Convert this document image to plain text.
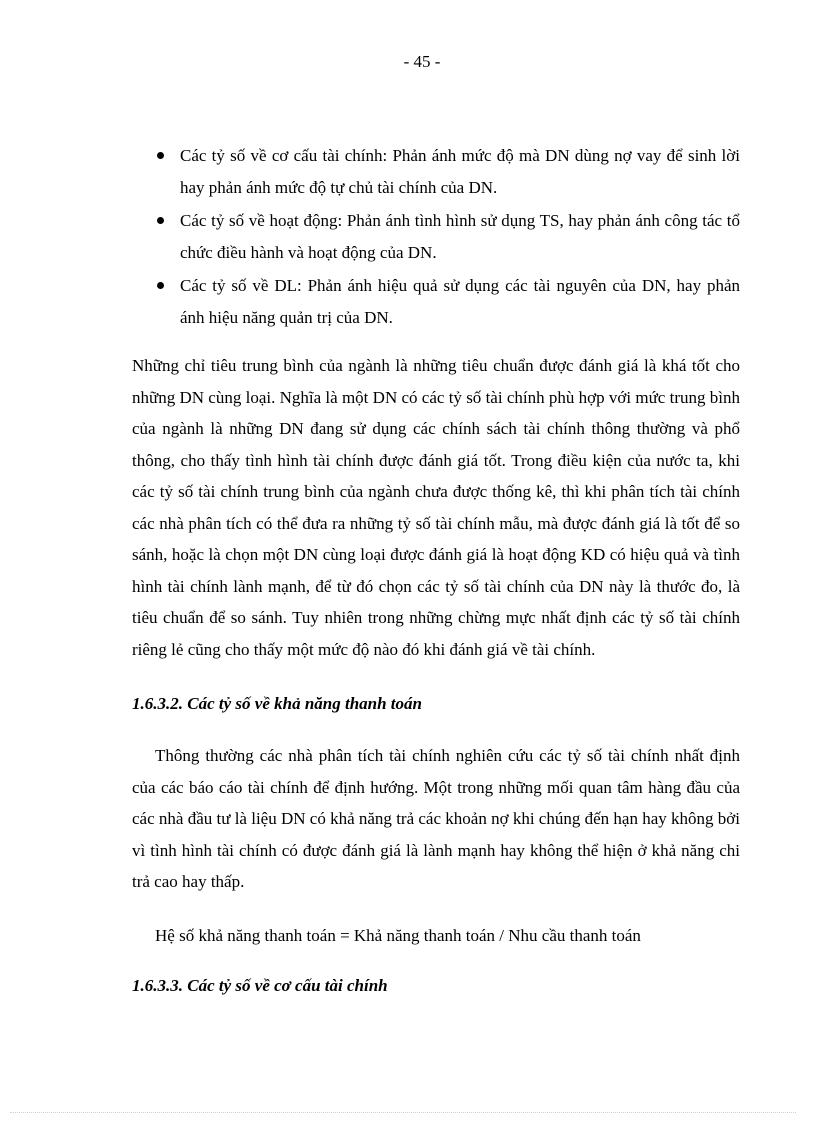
- 45 -
Các tỷ số về cơ cấu tài chính: Phản ánh mức độ mà DN dùng nợ vay để sinh lời hay phản ánh mức độ tự chủ tài chính của DN.
Các tỷ số về hoạt động: Phản ánh tình hình sử dụng TS, hay phản ánh công tác tổ chức điều hành và hoạt động của DN.
Các tỷ số về DL: Phản ánh hiệu quả sử dụng các tài nguyên của DN, hay phản ánh hiệu năng quản trị của DN.

Những chỉ tiêu trung bình của ngành là những tiêu chuẩn được đánh giá là khá tốt cho những DN cùng loại. Nghĩa là một DN có các tỷ số tài chính phù hợp với mức trung bình của ngành là những DN đang sử dụng các chính sách tài chính thông thường và phổ thông, cho thấy tình hình tài chính được đánh giá tốt. Trong điều kiện của nước ta, khi các tỷ số tài chính trung bình của ngành chưa được thống kê, thì khi phân tích tài chính các nhà phân tích có thể đưa ra những tỷ số tài chính mẫu, mà được đánh giá là tốt để so sánh, hoặc là chọn một DN cùng loại được đánh giá là hoạt động KD có hiệu quả và tình hình tài chính lành mạnh, để từ đó chọn các tỷ số tài chính của DN này là thước đo, là tiêu chuẩn để so sánh. Tuy nhiên trong những chừng mực nhất định các tỷ số tài chính riêng lẻ cũng cho thấy một mức độ nào đó khi đánh giá về tài chính.

1.6.3.2. Các tỷ số về khả năng thanh toán

Thông thường các nhà phân tích tài chính nghiên cứu các tỷ số tài chính nhất định của các báo cáo tài chính để định hướng. Một trong những mối quan tâm hàng đầu của các nhà đầu tư là liệu DN có khả năng trả các khoản nợ khi chúng đến hạn hay không bởi vì tình hình tài chính có được đánh giá là lành mạnh hay không thể hiện ở khả năng chi trả cao hay thấp.

Hệ số khả năng thanh toán = Khả năng thanh toán / Nhu cầu thanh toán

1.6.3.3. Các tỷ số về cơ cấu tài chính
